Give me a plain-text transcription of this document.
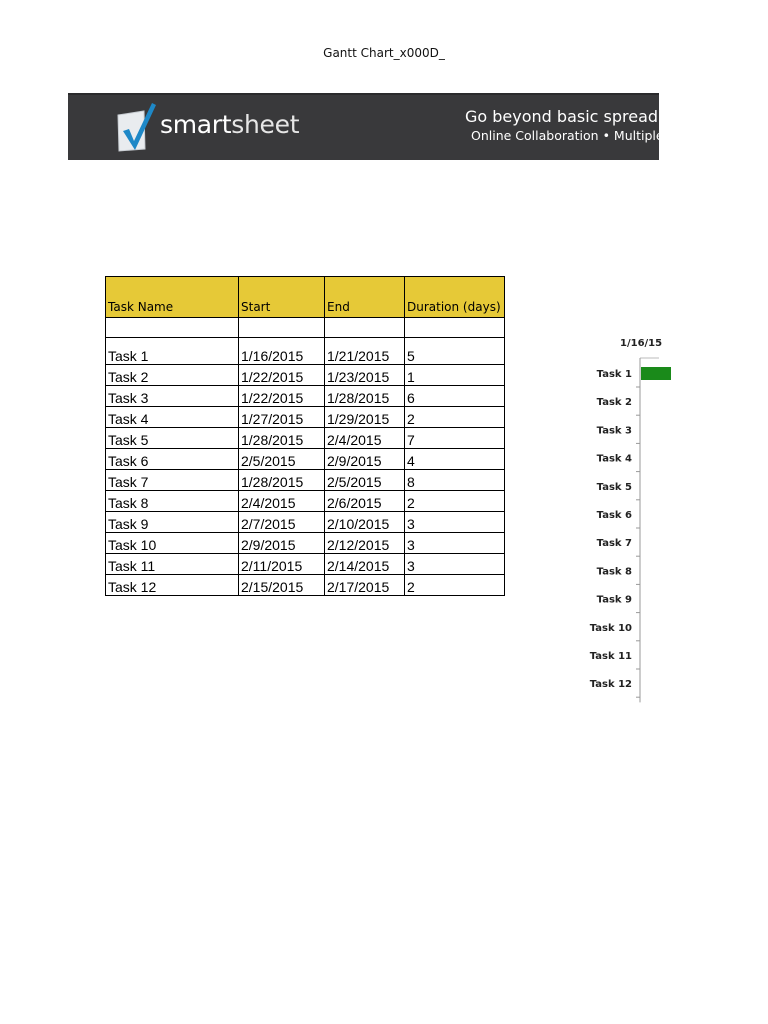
Gantt Chart_x000D_
smartsheet	Go beyond basic spreadsheets
Online Collaboration • Multiple
Task Name	Start	End	Duration (days)

Task 1	1/16/2015	1/21/2015	5
Task 2	1/22/2015	1/23/2015	1
Task 3	1/22/2015	1/28/2015	6
Task 4	1/27/2015	1/29/2015	2
Task 5	1/28/2015	2/4/2015	7
Task 6	2/5/2015	2/9/2015	4
Task 7	1/28/2015	2/5/2015	8
Task 8	2/4/2015	2/6/2015	2
Task 9	2/7/2015	2/10/2015	3
Task 10	2/9/2015	2/12/2015	3
Task 11	2/11/2015	2/14/2015	3
Task 12	2/15/2015	2/17/2015	2
1/16/15
Task 1
Task 2
Task 3
Task 4
Task 5
Task 6
Task 7
Task 8
Task 9
Task 10
Task 11
Task 12
